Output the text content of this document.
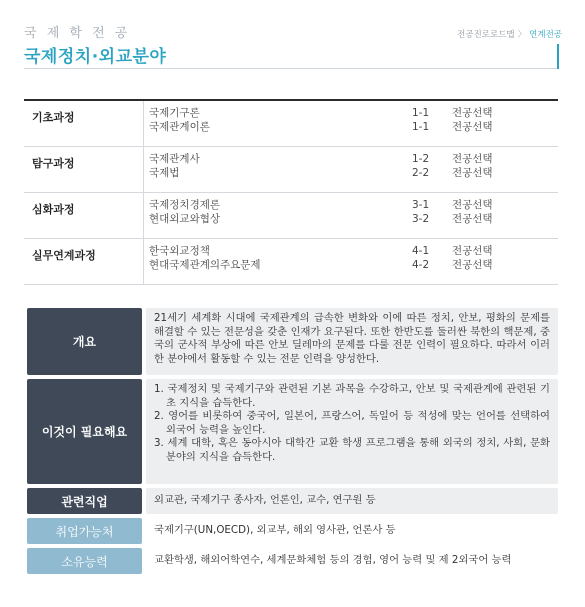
국 제 학 전 공
국제정치·외교분야
전공진로로드맵 〉 연계전공
기초과정	국제기구론	1-1 전공선택
국제관계이론	1-1 전공선택
탐구과정	국제관계사	1-2 전공선택
국제법	2-2 전공선택
심화과정	국제정치경제론	3-1 전공선택
현대외교와협상	3-2 전공선택
실무연계과정	한국외교정책	4-1 전공선택
현대국제관계의주요문제	4-2 전공선택
개요
21세기 세계화 시대에 국제관계의 급속한 변화와 이에 따른 정치, 안보, 평화의 문제를 해결할 수 있는 전문성을 갖춘 인재가 요구된다. 또한 한반도를 둘러싼 북한의 핵문제, 중국의 군사적 부상에 따른 안보 딜레마의 문제를 다룰 전문 인력이 필요하다. 따라서 이러한 분야에서 활동할 수 있는 전문 인력을 양성한다.
이것이 필요해요
1. 국제정치 및 국제기구와 관련된 기본 과목을 수강하고, 안보 및 국제관계에 관련된 기초 지식을 습득한다.
2. 영어를 비롯하여 중국어, 일본어, 프랑스어, 독일어 등 적성에 맞는 언어를 선택하여 외국어 능력을 높인다.
3. 세계 대학, 혹은 동아시아 대학간 교환 학생 프로그램을 통해 외국의 정치, 사회, 문화 분야의 지식을 습득한다.
관련직업	외교관, 국제기구 종사자, 언론인, 교수, 연구원 등
취업가능처	국제기구(UN,OECD), 외교부, 해외 영사관, 언론사 등
소유능력	교환학생, 해외어학연수, 세계문화체험 등의 경험, 영어 능력 및 제 2외국어 능력
